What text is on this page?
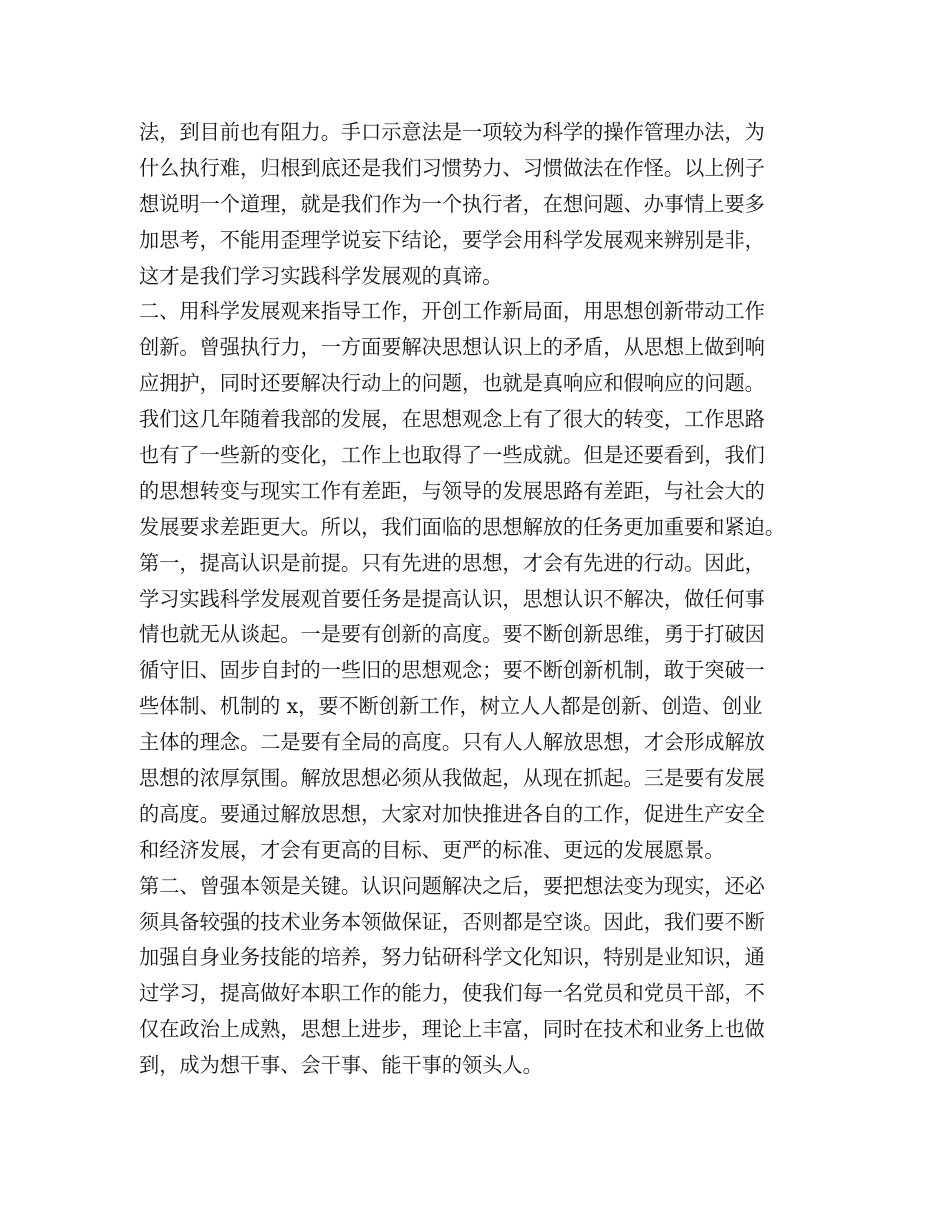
法，到目前也有阻力。手口示意法是一项较为科学的操作管理办法，为
什么执行难，归根到底还是我们习惯势力、习惯做法在作怪。以上例子
想说明一个道理，就是我们作为一个执行者，在想问题、办事情上要多
加思考，不能用歪理学说妄下结论，要学会用科学发展观来辨别是非，
这才是我们学习实践科学发展观的真谛。
二、用科学发展观来指导工作，开创工作新局面，用思想创新带动工作
创新。曾强执行力，一方面要解决思想认识上的矛盾，从思想上做到响
应拥护，同时还要解决行动上的问题，也就是真响应和假响应的问题。
我们这几年随着我部的发展，在思想观念上有了很大的转变，工作思路
也有了一些新的变化，工作上也取得了一些成就。但是还要看到，我们
的思想转变与现实工作有差距，与领导的发展思路有差距，与社会大的
发展要求差距更大。所以，我们面临的思想解放的任务更加重要和紧迫。
第一，提高认识是前提。只有先进的思想，才会有先进的行动。因此，
学习实践科学发展观首要任务是提高认识，思想认识不解决，做任何事
情也就无从谈起。一是要有创新的高度。要不断创新思维，勇于打破因
循守旧、固步自封的一些旧的思想观念；要不断创新机制，敢于突破一
些体制、机制的 x，要不断创新工作，树立人人都是创新、创造、创业
主体的理念。二是要有全局的高度。只有人人解放思想，才会形成解放
思想的浓厚氛围。解放思想必须从我做起，从现在抓起。三是要有发展
的高度。要通过解放思想，大家对加快推进各自的工作，促进生产安全
和经济发展，才会有更高的目标、更严的标准、更远的发展愿景。
第二、曾强本领是关键。认识问题解决之后，要把想法变为现实，还必
须具备较强的技术业务本领做保证，否则都是空谈。因此，我们要不断
加强自身业务技能的培养，努力钻研科学文化知识，特别是业知识，通
过学习，提高做好本职工作的能力，使我们每一名党员和党员干部，不
仅在政治上成熟，思想上进步，理论上丰富，同时在技术和业务上也做
到，成为想干事、会干事、能干事的领头人。
